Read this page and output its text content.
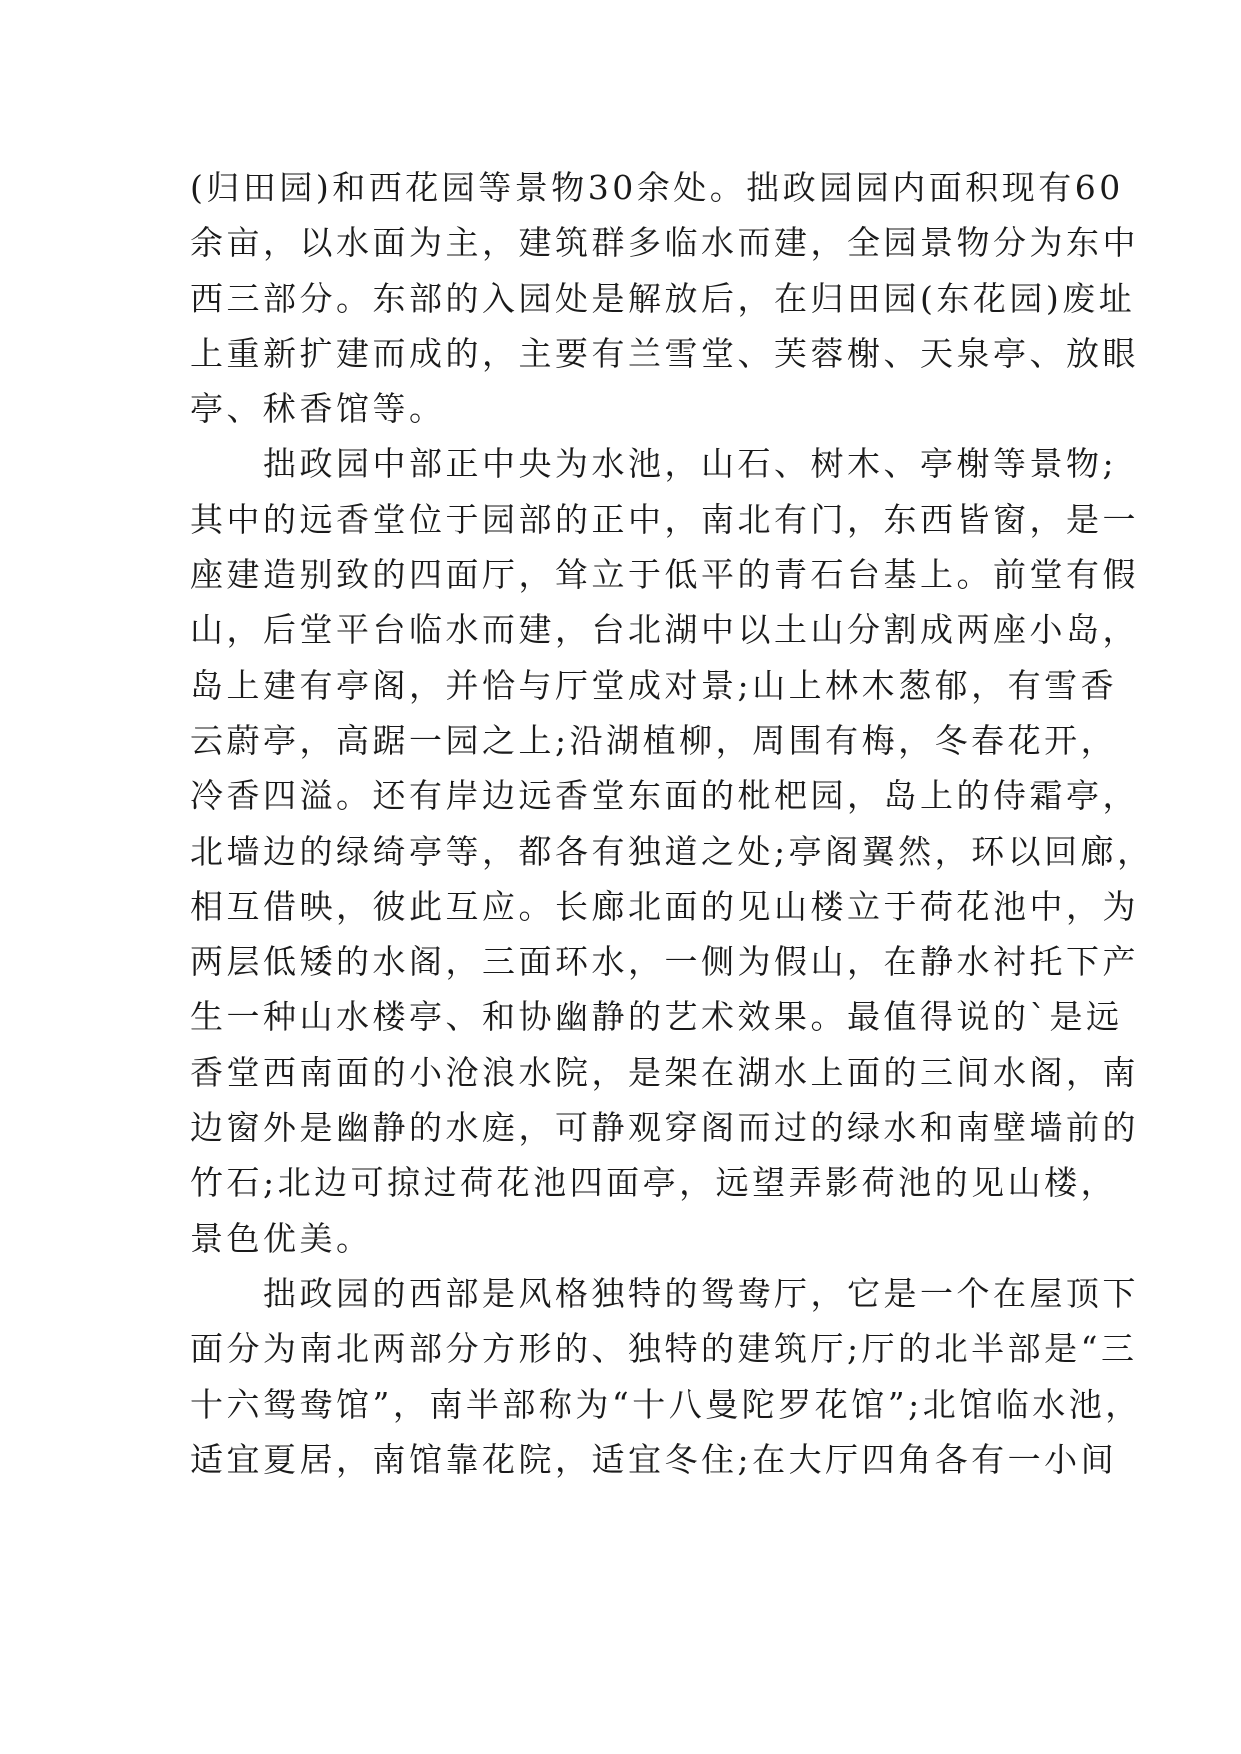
(归田园)和西花园等景物30余处。拙政园园内面积现有60
余亩，以水面为主，建筑群多临水而建，全园景物分为东中
西三部分。东部的入园处是解放后，在归田园(东花园)废址
上重新扩建而成的，主要有兰雪堂、芙蓉榭、天泉亭、放眼
亭、秫香馆等。
　　拙政园中部正中央为水池，山石、树木、亭榭等景物;
其中的远香堂位于园部的正中，南北有门，东西皆窗，是一
座建造别致的四面厅，耸立于低平的青石台基上。前堂有假
山，后堂平台临水而建，台北湖中以土山分割成两座小岛，
岛上建有亭阁，并恰与厅堂成对景;山上林木葱郁，有雪香
云蔚亭，高踞一园之上;沿湖植柳，周围有梅，冬春花开，
冷香四溢。还有岸边远香堂东面的枇杷园，岛上的侍霜亭，
北墙边的绿绮亭等，都各有独道之处;亭阁翼然，环以回廊，
相互借映，彼此互应。长廊北面的见山楼立于荷花池中，为
两层低矮的水阁，三面环水，一侧为假山，在静水衬托下产
生一种山水楼亭、和协幽静的艺术效果。最值得说的`是远
香堂西南面的小沧浪水院，是架在湖水上面的三间水阁，南
边窗外是幽静的水庭，可静观穿阁而过的绿水和南壁墙前的
竹石;北边可掠过荷花池四面亭，远望弄影荷池的见山楼，
景色优美。
　　拙政园的西部是风格独特的鸳鸯厅，它是一个在屋顶下
面分为南北两部分方形的、独特的建筑厅;厅的北半部是“三
十六鸳鸯馆”，南半部称为“十八曼陀罗花馆”;北馆临水池，
适宜夏居，南馆靠花院，适宜冬住;在大厅四角各有一小间
